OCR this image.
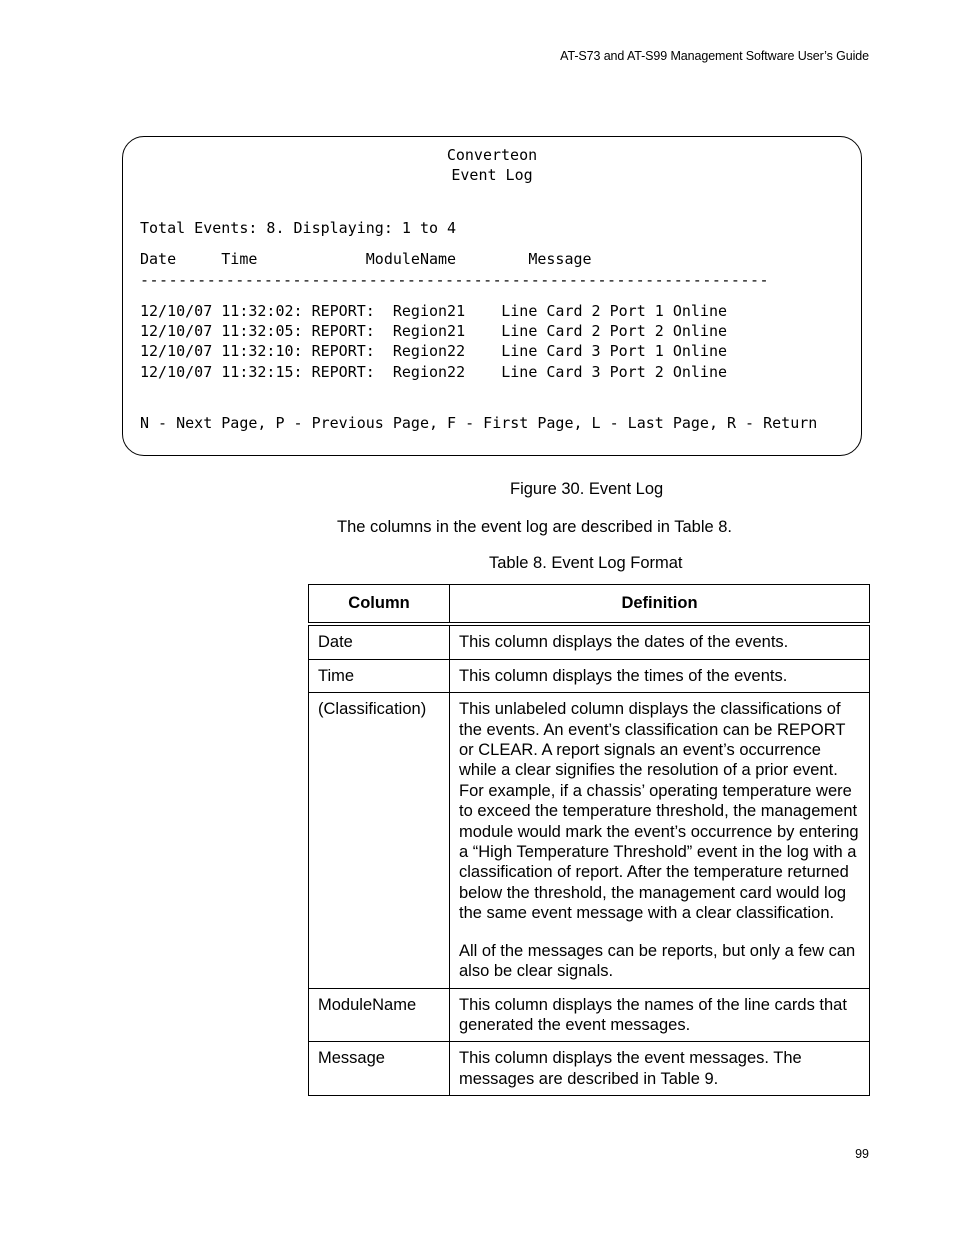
AT-S73 and AT-S99 Management Software User’s Guide
Converteon
Event Log
Total Events: 8. Displaying: 1 to 4
Date     Time            ModuleName        Message
------------------------------------------------------------------
12/10/07 11:32:02: REPORT:  Region21    Line Card 2 Port 1 Online
12/10/07 11:32:05: REPORT:  Region21    Line Card 2 Port 2 Online
12/10/07 11:32:10: REPORT:  Region22    Line Card 3 Port 1 Online
12/10/07 11:32:15: REPORT:  Region22    Line Card 3 Port 2 Online
N - Next Page, P - Previous Page, F - First Page, L - Last Page, R - Return
Figure 30. Event Log
The columns in the event log are described in Table 8.
Table 8. Event Log Format
Column	Definition
Date	This column displays the dates of the events.

Time	This column displays the times of the events.

(Classification)	This unlabeled column displays the classifications of the events. An event’s classification can be REPORT or CLEAR. A report signals an event’s occurrence while a clear signifies the resolution of a prior event. For example, if a chassis’ operating temperature were to exceed the temperature threshold, the management module would mark the event’s occurrence by entering a “High Temperature Threshold” event in the log with a classification of report. After the temperature returned below the threshold, the management card would log the same event message with a clear classification.

All of the messages can be reports, but only a few can also be clear signals.

ModuleName	This column displays the names of the line cards that generated the event messages.

Message	This column displays the event messages. The messages are described in Table 9.

99
